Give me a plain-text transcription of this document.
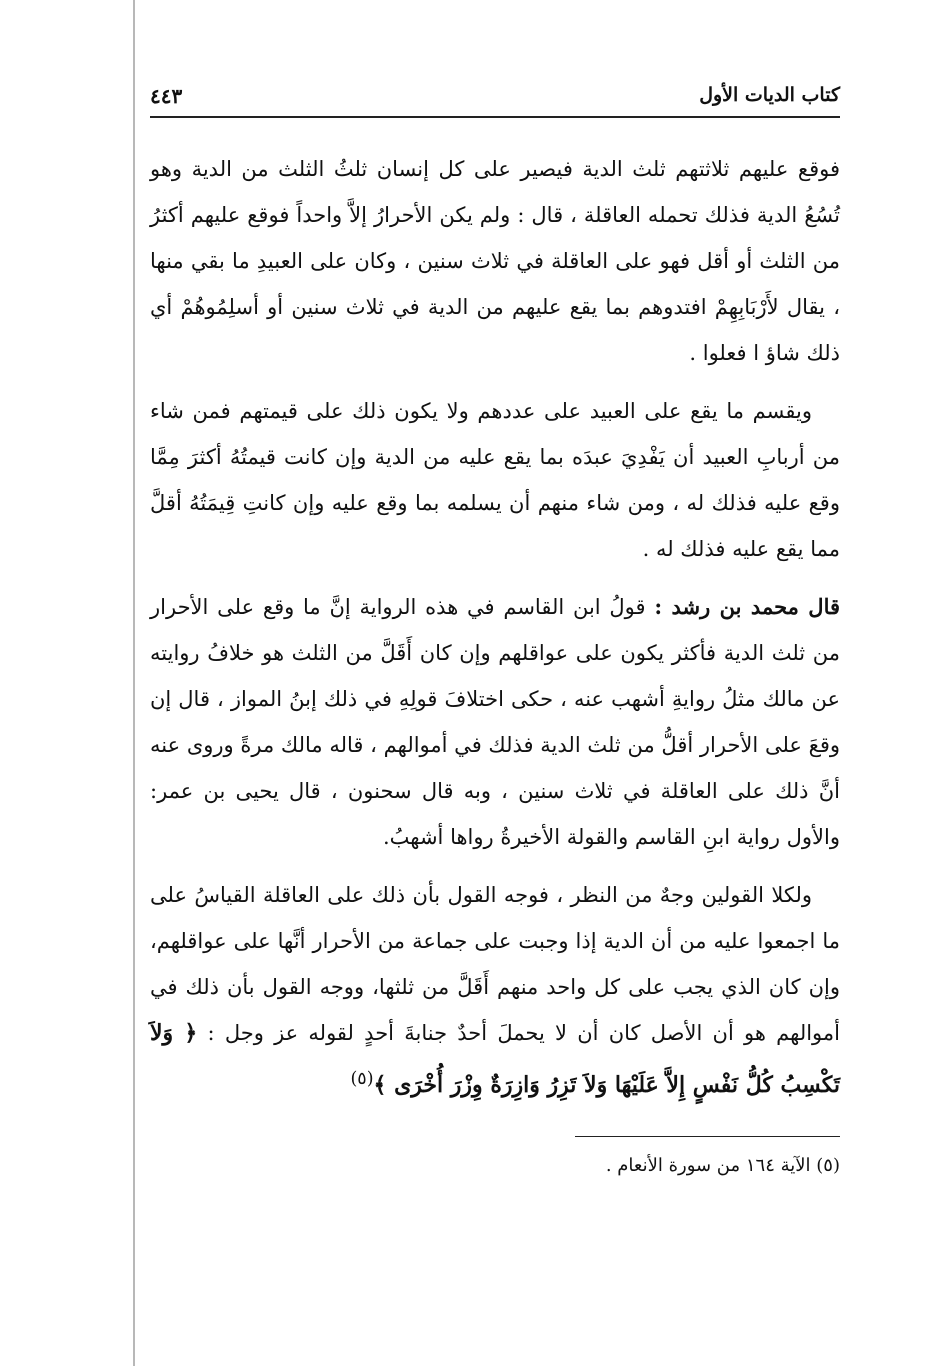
كتاب الديات الأول
٤٤٣

فوقع عليهم ثلاثتهم ثلث الدية فيصير على كل إنسان ثلثُ الثلث من الدية وهو تُسُعُ الدية فذلك تحمله العاقلة ، قال : ولم يكن الأحرارُ إلاَّ واحداً فوقع عليهم أكثرُ من الثلث أو أقل فهو على العاقلة في ثلاث سنين ، وكان على العبيدِ ما بقي منها ، يقال لأَرْبَابِهِمْ افتدوهم بما يقع عليهم من الدية في ثلاث سنين أو أسلِمُوهُمْ أي ذلك شاؤ ا فعلوا .

ويقسم ما يقع على العبيد على عددهم ولا يكون ذلك على قيمتهم فمن شاء من أربابِ العبيد أن يَفْدِيَ عبدَه بما يقع عليه من الدية وإن كانت قيمتُهُ أكثرَ مِمَّا وقع عليه فذلك له ، ومن شاء منهم أن يسلمه بما وقع عليه وإن كانتِ قِيمَتُهُ أقلَّ مما يقع عليه فذلك له .

قال محمد بن رشد : قولُ ابن القاسم في هذه الرواية إنَّ ما وقع على الأحرار من ثلث الدية فأكثر يكون على عواقلهم وإن كان أَقَلَّ من الثلث هو خلافُ روايته عن مالك مثلُ روايةِ أشهب عنه ، حكى اختلافَ قولِهِ في ذلك إبنُ المواز ، قال إن وقعَ على الأحرار أقلُّ من ثلث الدية فذلك في أموالهم ، قاله مالك مرةً وروى عنه أنَّ ذلك على العاقلة في ثلاث سنين ، وبه قال سحنون ، قال يحيى بن عمر: والأول رواية ابنِ القاسم والقولة الأخيرةُ رواها أشهبُ.

ولكلا القولين وجهٌ من النظر ، فوجه القول بأن ذلك على العاقلة القياسُ على ما اجمعوا عليه من أن الدية إذا وجبت على جماعة من الأحرار أنَّها على عواقلهم، وإن كان الذي يجب على كل واحد منهم أَقَلَّ من ثلثها، ووجه القول بأن ذلك في أموالهم هو أن الأصل كان أن لا يحملَ أحدٌ جنابةَ أحدٍ لقوله عز وجل : ﴿ وَلاَ تَكْسِبُ كُلُّ نَفْسٍ إِلاَّ عَلَيْهَا وَلاَ تَزِرُ وَازِرَةٌ وِزْرَ أُخْرَى ﴾$^{(٥)}$

(٥) الآية ١٦٤ من سورة الأنعام .
